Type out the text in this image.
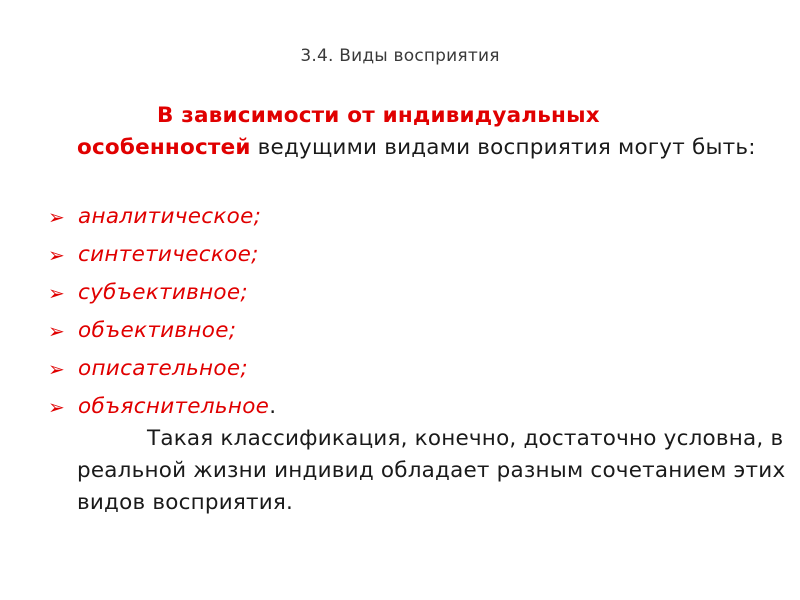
3.4. Виды восприятия
В зависимости от индивидуальных особенностей ведущими видами восприятия могут быть:
➢ аналитическое;
➢ синтетическое;
➢ субъективное;
➢ объективное;
➢ описательное;
➢ объяснительное.
Такая классификация, конечно, достаточно условна, в реальной жизни индивид обладает разным сочетанием этих видов восприятия.
